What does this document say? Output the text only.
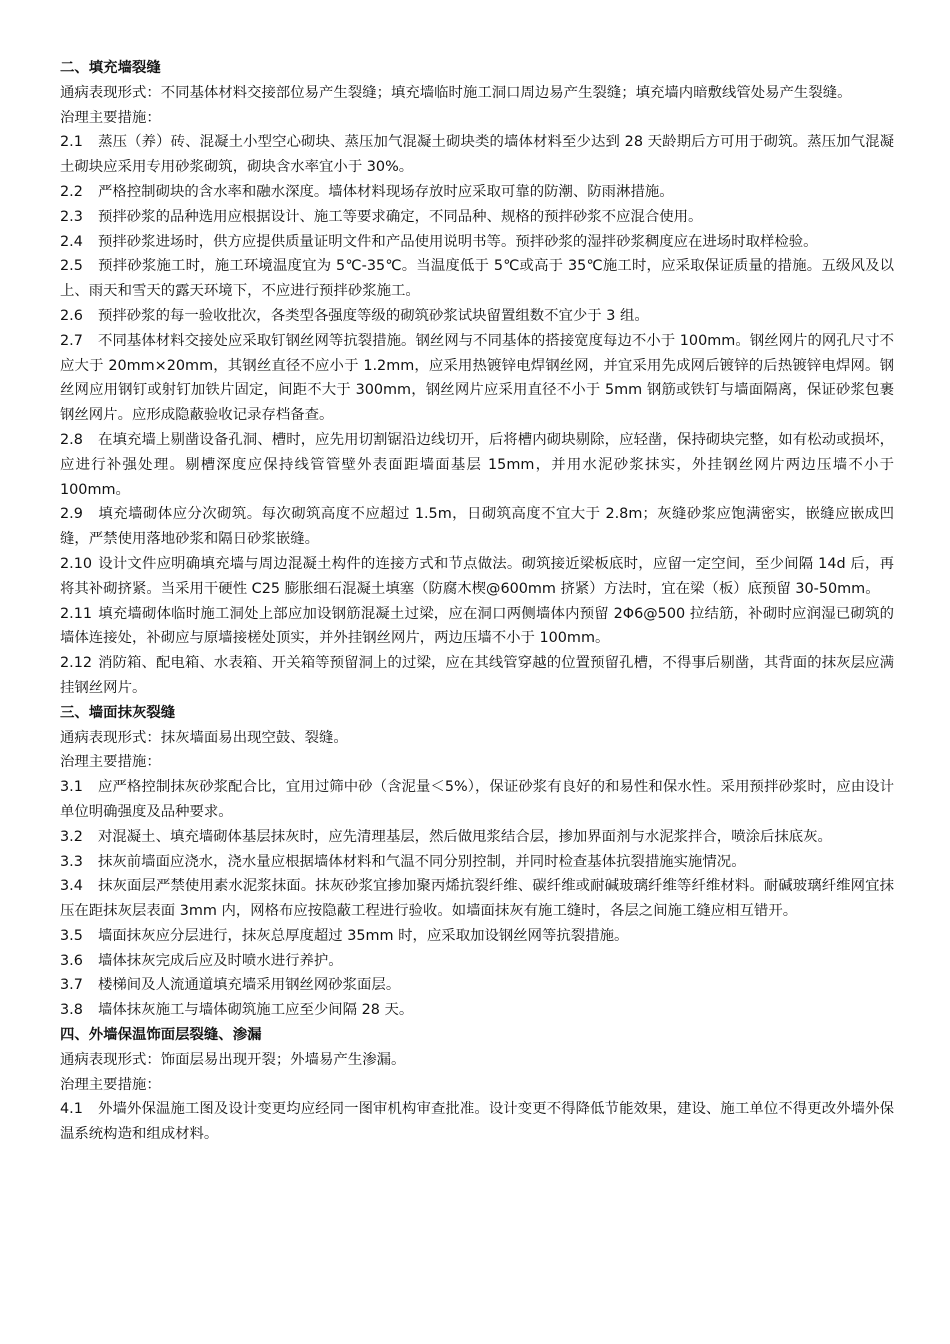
二、填充墙裂缝

通病表现形式：不同基体材料交接部位易产生裂缝；填充墙临时施工洞口周边易产生裂缝；填充墙内暗敷线管处易产生裂缝。

治理主要措施：

2.1 蒸压（养）砖、混凝土小型空心砌块、蒸压加气混凝土砌块类的墙体材料至少达到 28 天龄期后方可用于砌筑。蒸压加气混凝土砌块应采用专用砂浆砌筑，砌块含水率宜小于 30%。

2.2 严格控制砌块的含水率和融水深度。墙体材料现场存放时应采取可靠的防潮、防雨淋措施。

2.3 预拌砂浆的品种选用应根据设计、施工等要求确定，不同品种、规格的预拌砂浆不应混合使用。

2.4 预拌砂浆进场时，供方应提供质量证明文件和产品使用说明书等。预拌砂浆的湿拌砂浆稠度应在进场时取样检验。

2.5 预拌砂浆施工时，施工环境温度宜为 5℃-35℃。当温度低于 5℃或高于 35℃施工时，应采取保证质量的措施。五级风及以上、雨天和雪天的露天环境下，不应进行预拌砂浆施工。

2.6 预拌砂浆的每一验收批次，各类型各强度等级的砌筑砂浆试块留置组数不宜少于 3 组。

2.7 不同基体材料交接处应采取钉钢丝网等抗裂措施。钢丝网与不同基体的搭接宽度每边不小于 100mm。钢丝网片的网孔尺寸不应大于 20mm×20mm，其钢丝直径不应小于 1.2mm，应采用热镀锌电焊钢丝网，并宜采用先成网后镀锌的后热镀锌电焊网。钢丝网应用钢钉或射钉加铁片固定，间距不大于 300mm，钢丝网片应采用直径不小于 5mm 钢筋或铁钉与墙面隔离，保证砂浆包裹钢丝网片。应形成隐蔽验收记录存档备查。

2.8 在填充墙上剔凿设备孔洞、槽时，应先用切割锯沿边线切开，后将槽内砌块剔除，应轻凿，保持砌块完整，如有松动或损坏，应进行补强处理。剔槽深度应保持线管管壁外表面距墙面基层 15mm，并用水泥砂浆抹实，外挂钢丝网片两边压墙不小于 100mm。

2.9 填充墙砌体应分次砌筑。每次砌筑高度不应超过 1.5m，日砌筑高度不宜大于 2.8m；灰缝砂浆应饱满密实，嵌缝应嵌成凹缝，严禁使用落地砂浆和隔日砂浆嵌缝。

2.10 设计文件应明确填充墙与周边混凝土构件的连接方式和节点做法。砌筑接近梁板底时，应留一定空间，至少间隔 14d 后，再将其补砌挤紧。当采用干硬性 C25 膨胀细石混凝土填塞（防腐木楔@600mm 挤紧）方法时，宜在梁（板）底预留 30-50mm。

2.11 填充墙砌体临时施工洞处上部应加设钢筋混凝土过梁，应在洞口两侧墙体内预留 2Φ6@500 拉结筋，补砌时应润湿已砌筑的墙体连接处，补砌应与原墙接槎处顶实，并外挂钢丝网片，两边压墙不小于 100mm。

2.12 消防箱、配电箱、水表箱、开关箱等预留洞上的过梁，应在其线管穿越的位置预留孔槽，不得事后剔凿，其背面的抹灰层应满挂钢丝网片。

三、墙面抹灰裂缝

通病表现形式：抹灰墙面易出现空鼓、裂缝。

治理主要措施：

3.1 应严格控制抹灰砂浆配合比，宜用过筛中砂（含泥量＜5%），保证砂浆有良好的和易性和保水性。采用预拌砂浆时，应由设计单位明确强度及品种要求。

3.2 对混凝土、填充墙砌体基层抹灰时，应先清理基层，然后做甩浆结合层，掺加界面剂与水泥浆拌合，喷涂后抹底灰。

3.3 抹灰前墙面应浇水，浇水量应根据墙体材料和气温不同分别控制，并同时检查基体抗裂措施实施情况。

3.4 抹灰面层严禁使用素水泥浆抹面。抹灰砂浆宜掺加聚丙烯抗裂纤维、碳纤维或耐碱玻璃纤维等纤维材料。耐碱玻璃纤维网宜抹压在距抹灰层表面 3mm 内，网格布应按隐蔽工程进行验收。如墙面抹灰有施工缝时，各层之间施工缝应相互错开。

3.5 墙面抹灰应分层进行，抹灰总厚度超过 35mm 时，应采取加设钢丝网等抗裂措施。

3.6 墙体抹灰完成后应及时喷水进行养护。

3.7 楼梯间及人流通道填充墙采用钢丝网砂浆面层。

3.8 墙体抹灰施工与墙体砌筑施工应至少间隔 28 天。

四、外墙保温饰面层裂缝、渗漏

通病表现形式：饰面层易出现开裂；外墙易产生渗漏。

治理主要措施：

4.1 外墙外保温施工图及设计变更均应经同一图审机构审查批准。设计变更不得降低节能效果，建设、施工单位不得更改外墙外保温系统构造和组成材料。
